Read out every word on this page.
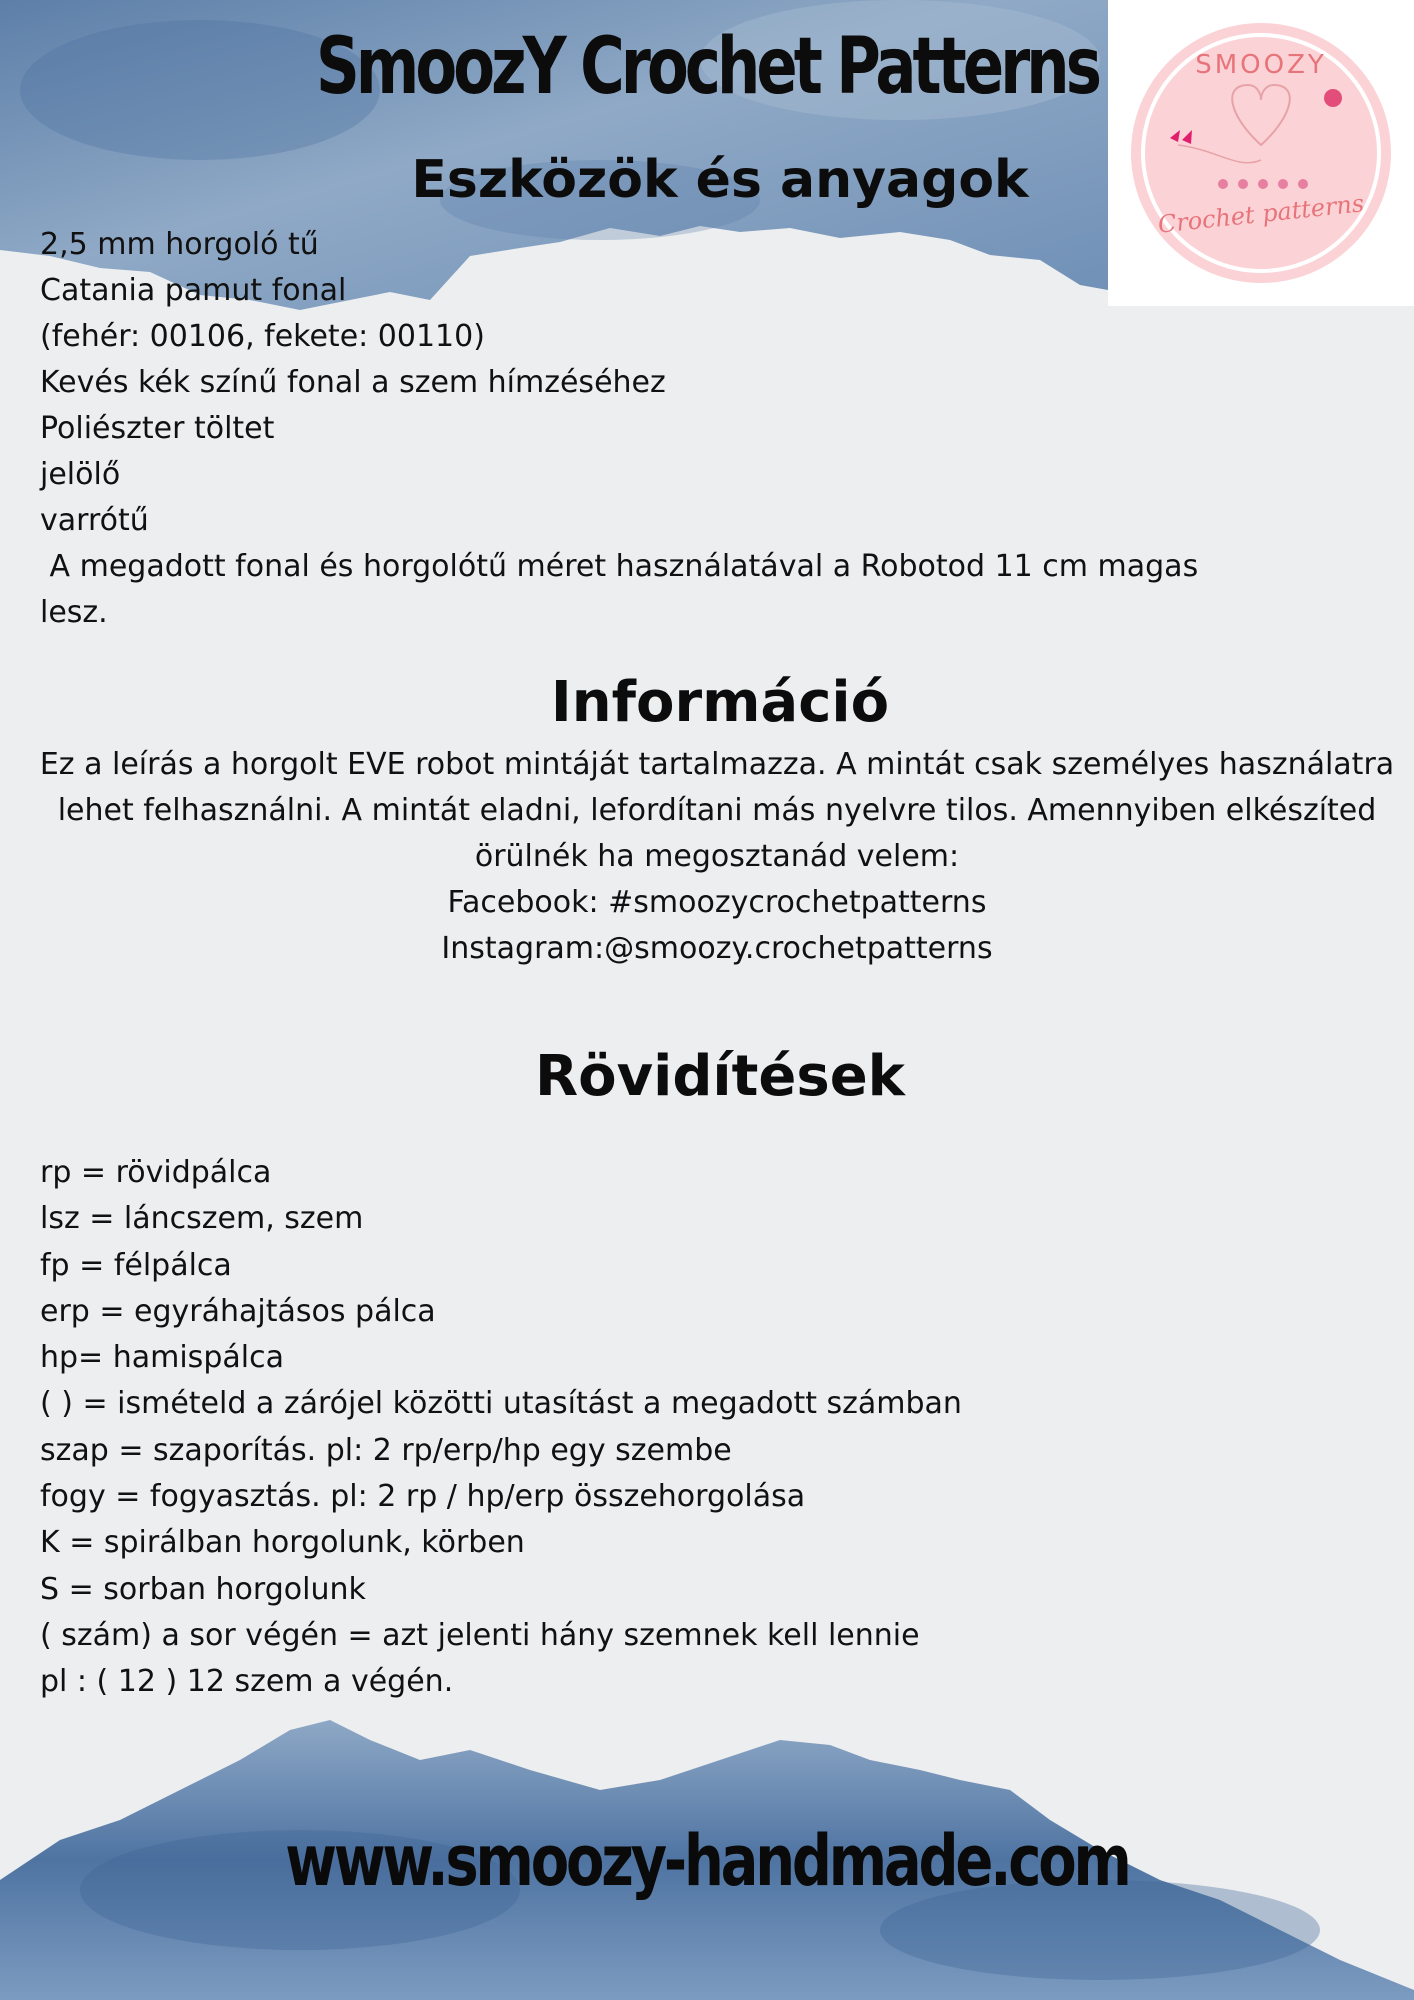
SmoozY Crochet Patterns	SMOOZY
Crochet patterns
Eszközök és anyagok
2,5 mm horgoló tű
Catania pamut fonal
(fehér: 00106, fekete: 00110)
Kevés kék színű fonal a szem hímzéséhez
Poliészter töltet
jelölő
varrótű
A megadott fonal és horgolótű méret használatával a Robotod 11 cm magas
lesz.
Információ
Ez a leírás a horgolt EVE robot mintáját tartalmazza. A mintát csak személyes használatra
lehet felhasználni. A mintát eladni, lefordítani más nyelvre tilos. Amennyiben elkészíted
örülnék ha megosztanád velem:
Facebook: #smoozycrochetpatterns
Instagram:@smoozy.crochetpatterns
Rövidítések
rp = rövidpálca
lsz = láncszem, szem
fp = félpálca
erp = egyráhajtásos pálca
hp= hamispálca
( ) = ismételd a zárójel közötti utasítást a megadott számban
szap = szaporítás. pl: 2 rp/erp/hp egy szembe
fogy = fogyasztás. pl: 2 rp / hp/erp összehorgolása
K = spirálban horgolunk, körben
S = sorban horgolunk
( szám) a sor végén = azt jelenti hány szemnek kell lennie
pl : ( 12 ) 12 szem a végén.
www.smoozy-handmade.com
